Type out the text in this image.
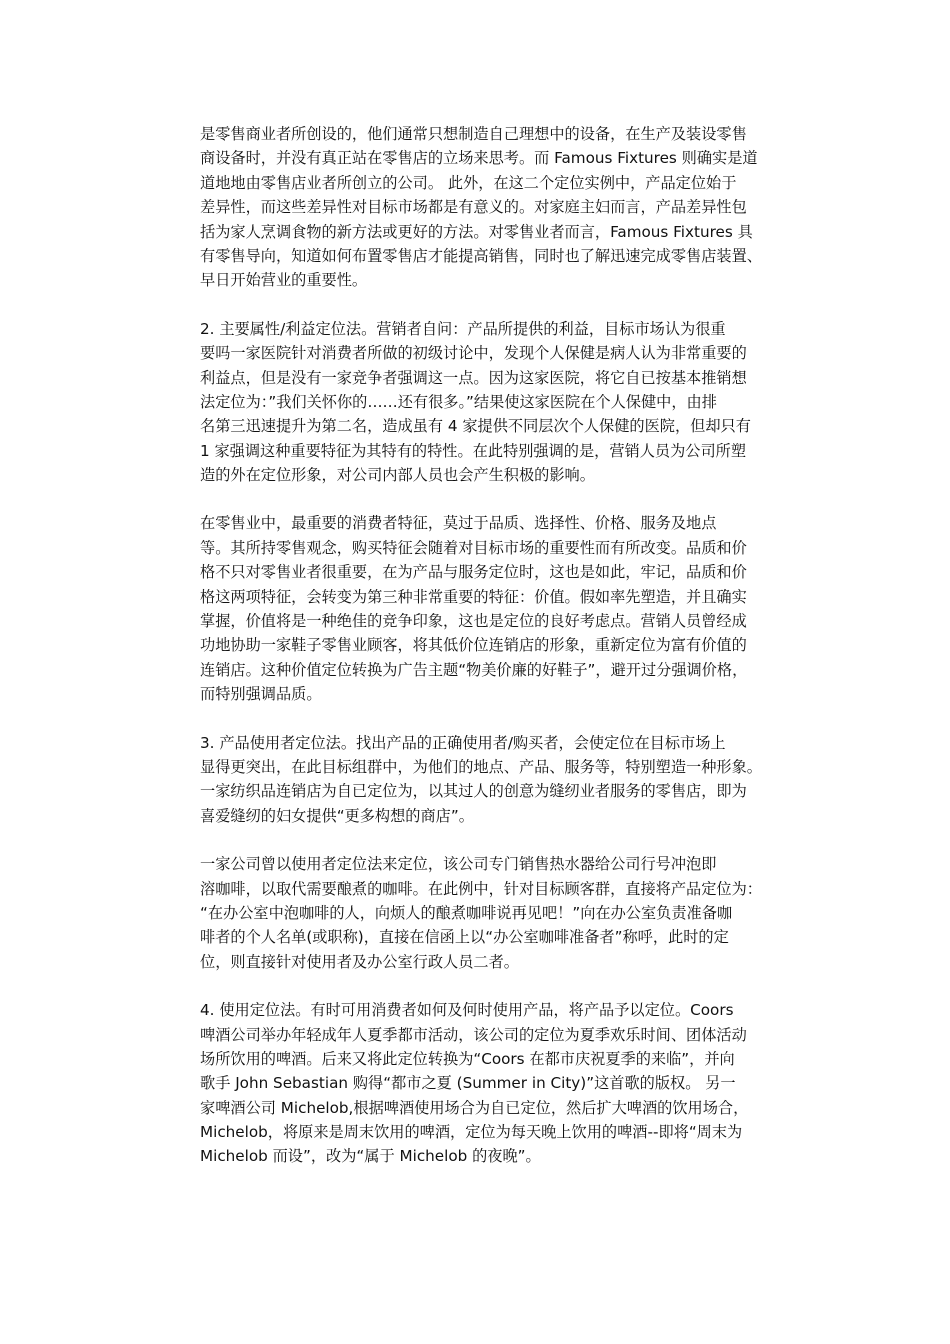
是零售商业者所创设的，他们通常只想制造自己理想中的设备，在生产及装设零售
商设备时，并没有真正站在零售店的立场来思考。而 Famous Fixtures 则确实是道
道地地由零售店业者所创立的公司。 此外，在这二个定位实例中，产品定位始于
差异性，而这些差异性对目标市场都是有意义的。对家庭主妇而言，产品差异性包
括为家人烹调食物的新方法或更好的方法。对零售业者而言，Famous Fixtures 具
有零售导向，知道如何布置零售店才能提高销售，同时也了解迅速完成零售店装置、
早日开始营业的重要性。
2. 主要属性/利益定位法。营销者自问：产品所提供的利益，目标市场认为很重
要吗一家医院针对消费者所做的初级讨论中，发现个人保健是病人认为非常重要的
利益点，但是没有一家竞争者强调这一点。因为这家医院，将它自已按基本推销想
法定位为：”我们关怀你的……还有很多。”结果使这家医院在个人保健中，由排
名第三迅速提升为第二名，造成虽有 4 家提供不同层次个人保健的医院，但却只有
1 家强调这种重要特征为其特有的特性。在此特别强调的是，营销人员为公司所塑
造的外在定位形象，对公司内部人员也会产生积极的影响。
在零售业中，最重要的消费者特征，莫过于品质、选择性、价格、服务及地点
等。其所持零售观念，购买特征会随着对目标市场的重要性而有所改变。品质和价
格不只对零售业者很重要，在为产品与服务定位时，这也是如此，牢记，品质和价
格这两项特征，会转变为第三种非常重要的特征：价值。假如率先塑造，并且确实
掌握，价值将是一种绝佳的竞争印象，这也是定位的良好考虑点。营销人员曾经成
功地协助一家鞋子零售业顾客，将其低价位连销店的形象，重新定位为富有价值的
连销店。这种价值定位转换为广告主题“物美价廉的好鞋子”，避开过分强调价格，
而特别强调品质。
3. 产品使用者定位法。找出产品的正确使用者/购买者，会使定位在目标市场上
显得更突出，在此目标组群中，为他们的地点、产品、服务等，特别塑造一种形象。
一家纺织品连销店为自已定位为，以其过人的创意为缝纫业者服务的零售店，即为
喜爱缝纫的妇女提供“更多构想的商店”。
一家公司曾以使用者定位法来定位，该公司专门销售热水器给公司行号冲泡即
溶咖啡，以取代需要酿煮的咖啡。在此例中，针对目标顾客群，直接将产品定位为：
“在办公室中泡咖啡的人，向烦人的酿煮咖啡说再见吧！”向在办公室负责准备咖
啡者的个人名单(或职称)，直接在信函上以“办公室咖啡准备者”称呼，此时的定
位，则直接针对使用者及办公室行政人员二者。
4. 使用定位法。有时可用消费者如何及何时使用产品，将产品予以定位。Coors
啤酒公司举办年轻成年人夏季都市活动，该公司的定位为夏季欢乐时间、团体活动
场所饮用的啤酒。后来又将此定位转换为“Coors 在都市庆祝夏季的来临”，并向
歌手 John Sebastian 购得“都市之夏 (Summer in City)”这首歌的版权。 另一
家啤酒公司 Michelob,根据啤酒使用场合为自已定位，然后扩大啤酒的饮用场合，
Michelob，将原来是周末饮用的啤酒，定位为每天晚上饮用的啤酒--即将“周末为
Michelob 而设”，改为“属于 Michelob 的夜晚”。
